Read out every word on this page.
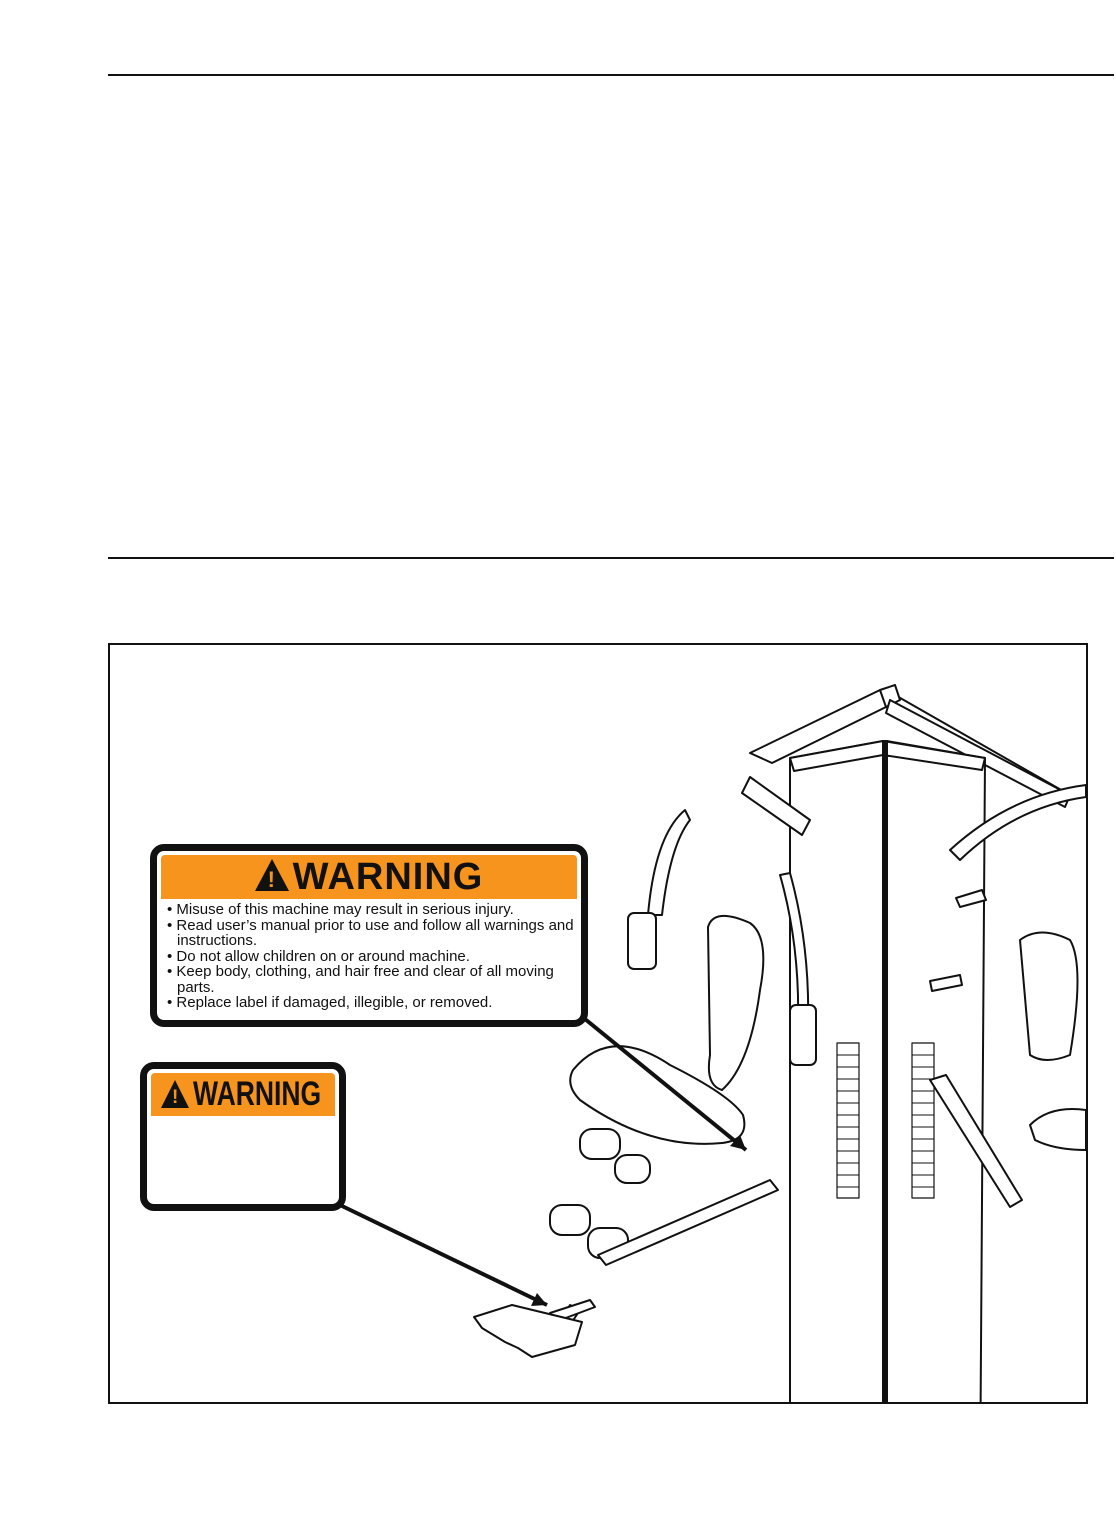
!
WARNING
• Misuse of this machine may result in serious injury.
• Read user’s manual prior to use and follow all warnings and instructions.
• Do not allow children on or around machine.
• Keep body, clothing, and hair free and clear of all moving parts.
• Replace label if damaged, illegible, or removed.
!
WARNING
